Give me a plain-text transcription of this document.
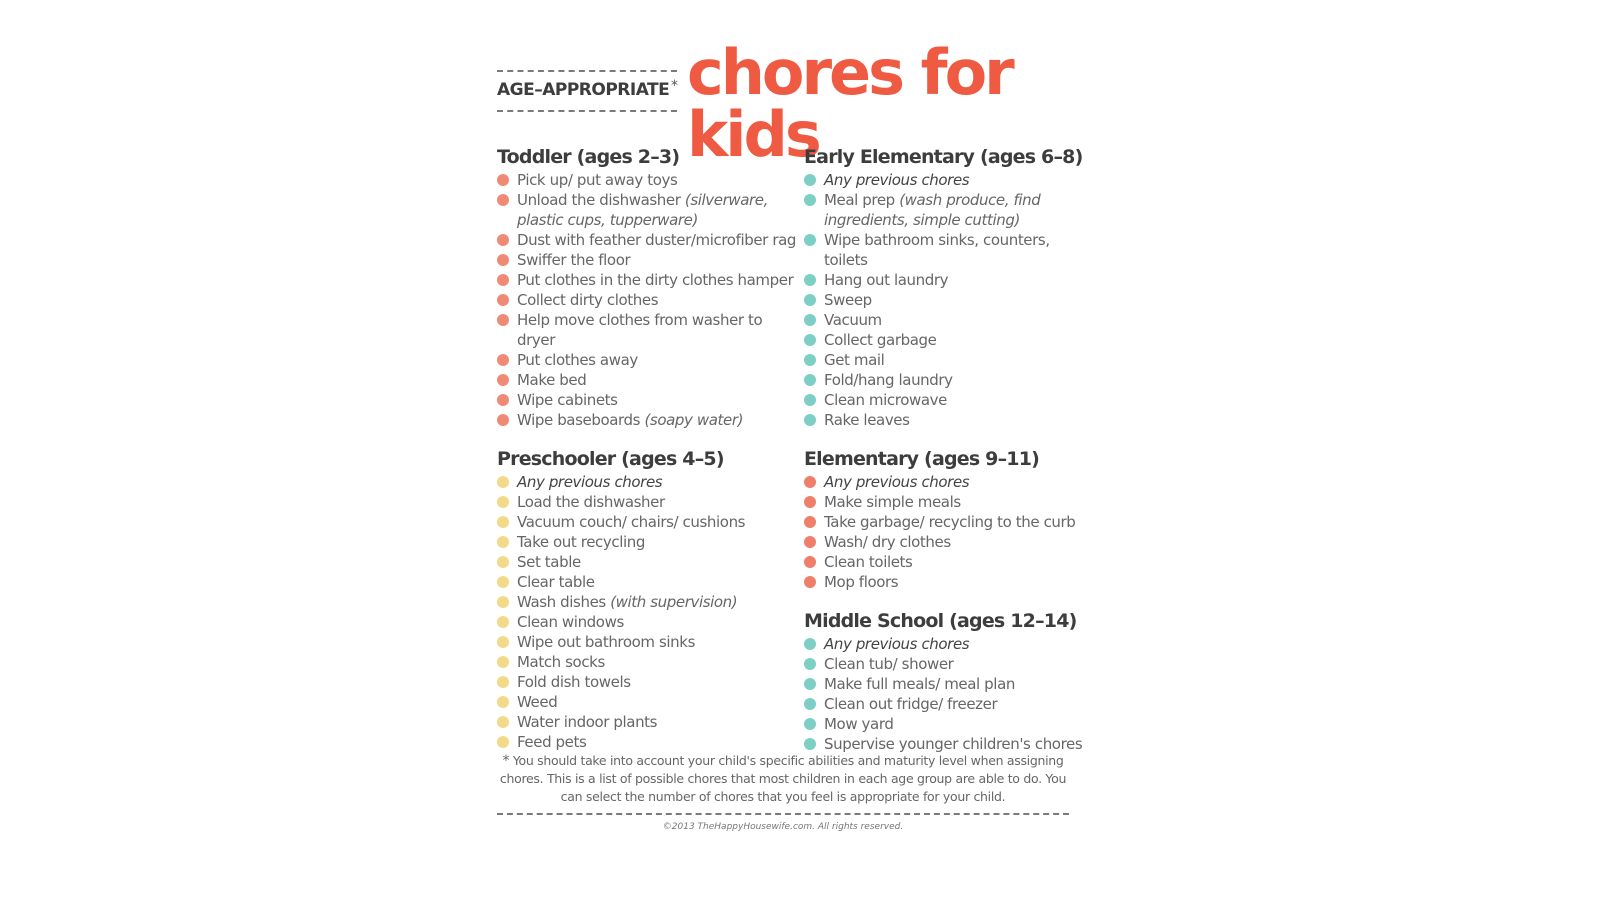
AGE–APPROPRIATE * chores for kids
Toddler (ages 2–3)
Pick up/ put away toys
Unload the dishwasher (silverware, plastic cups, tupperware)
Dust with feather duster/microfiber rag
Swiffer the floor
Put clothes in the dirty clothes hamper
Collect dirty clothes
Help move clothes from washer to dryer
Put clothes away
Make bed
Wipe cabinets
Wipe baseboards (soapy water)
Preschooler (ages 4–5)
Any previous chores
Load the dishwasher
Vacuum couch/ chairs/ cushions
Take out recycling
Set table
Clear table
Wash dishes (with supervision)
Clean windows
Wipe out bathroom sinks
Match socks
Fold dish towels
Weed
Water indoor plants
Feed pets
Early Elementary (ages 6–8)
Any previous chores
Meal prep (wash produce, find ingredients, simple cutting)
Wipe bathroom sinks, counters, toilets
Hang out laundry
Sweep
Vacuum
Collect garbage
Get mail
Fold/hang laundry
Clean microwave
Rake leaves
Elementary (ages 9–11)
Any previous chores
Make simple meals
Take garbage/ recycling to the curb
Wash/ dry clothes
Clean toilets
Mop floors
Middle School (ages 12–14)
Any previous chores
Clean tub/ shower
Make full meals/ meal plan
Clean out fridge/ freezer
Mow yard
Supervise younger children's chores
* You should take into account your child's specific abilities and maturity level when assigning chores. This is a list of possible chores that most children in each age group are able to do. You can select the number of chores that you feel is appropriate for your child.
©2013 TheHappyHousewife.com. All rights reserved.
